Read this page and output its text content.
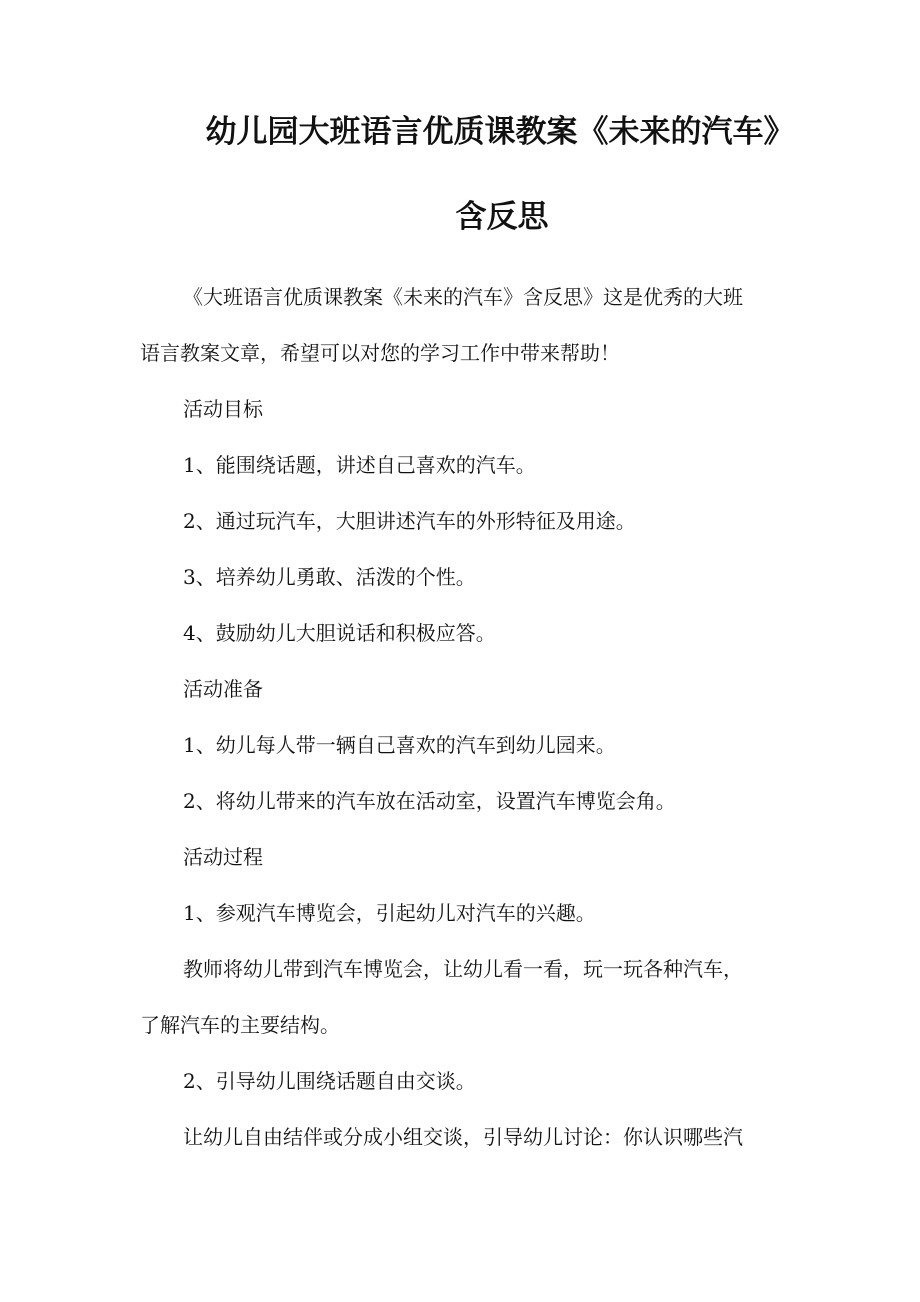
幼儿园大班语言优质课教案《未来的汽车》
含反思
《大班语言优质课教案《未来的汽车》含反思》这是优秀的大班
语言教案文章，希望可以对您的学习工作中带来帮助！
活动目标
1、能围绕话题，讲述自己喜欢的汽车。
2、通过玩汽车，大胆讲述汽车的外形特征及用途。
3、培养幼儿勇敢、活泼的个性。
4、鼓励幼儿大胆说话和积极应答。
活动准备
1、幼儿每人带一辆自己喜欢的汽车到幼儿园来。
2、将幼儿带来的汽车放在活动室，设置汽车博览会角。
活动过程
1、参观汽车博览会，引起幼儿对汽车的兴趣。
教师将幼儿带到汽车博览会，让幼儿看一看，玩一玩各种汽车，
了解汽车的主要结构。
2、引导幼儿围绕话题自由交谈。
让幼儿自由结伴或分成小组交谈，引导幼儿讨论：你认识哪些汽
